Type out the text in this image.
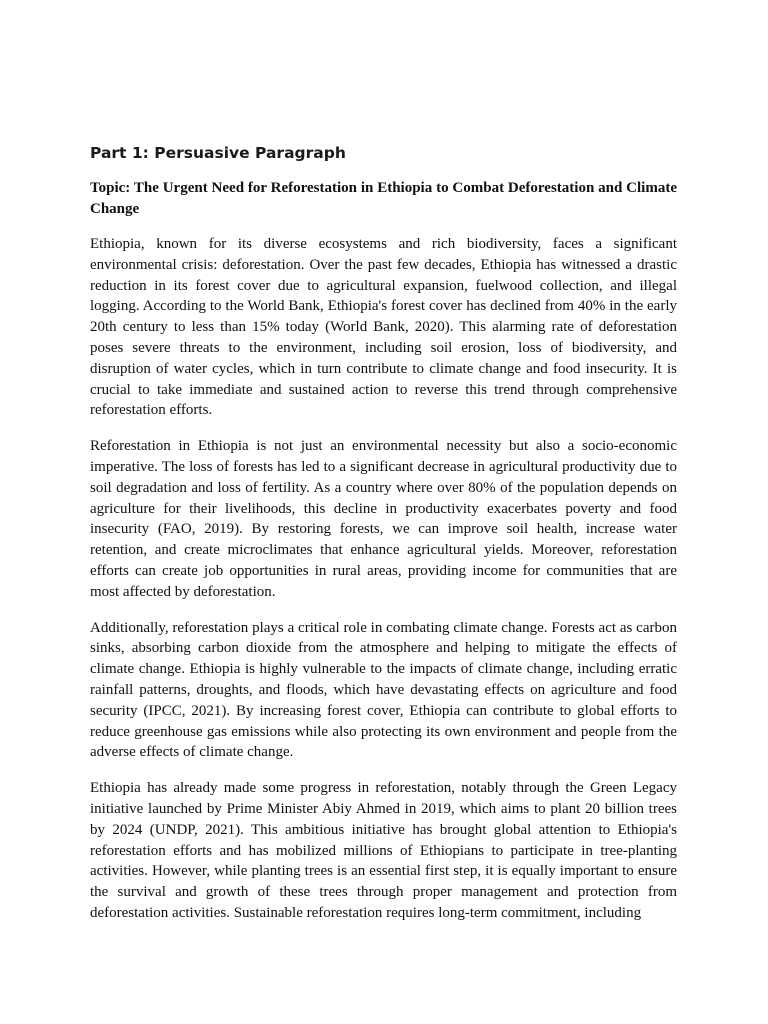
Part 1: Persuasive Paragraph

Topic: The Urgent Need for Reforestation in Ethiopia to Combat Deforestation and Climate Change

Ethiopia, known for its diverse ecosystems and rich biodiversity, faces a significant environmental crisis: deforestation. Over the past few decades, Ethiopia has witnessed a drastic reduction in its forest cover due to agricultural expansion, fuelwood collection, and illegal logging. According to the World Bank, Ethiopia's forest cover has declined from 40% in the early 20th century to less than 15% today (World Bank, 2020). This alarming rate of deforestation poses severe threats to the environment, including soil erosion, loss of biodiversity, and disruption of water cycles, which in turn contribute to climate change and food insecurity. It is crucial to take immediate and sustained action to reverse this trend through comprehensive reforestation efforts.

Reforestation in Ethiopia is not just an environmental necessity but also a socio-economic imperative. The loss of forests has led to a significant decrease in agricultural productivity due to soil degradation and loss of fertility. As a country where over 80% of the population depends on agriculture for their livelihoods, this decline in productivity exacerbates poverty and food insecurity (FAO, 2019). By restoring forests, we can improve soil health, increase water retention, and create microclimates that enhance agricultural yields. Moreover, reforestation efforts can create job opportunities in rural areas, providing income for communities that are most affected by deforestation.

Additionally, reforestation plays a critical role in combating climate change. Forests act as carbon sinks, absorbing carbon dioxide from the atmosphere and helping to mitigate the effects of climate change. Ethiopia is highly vulnerable to the impacts of climate change, including erratic rainfall patterns, droughts, and floods, which have devastating effects on agriculture and food security (IPCC, 2021). By increasing forest cover, Ethiopia can contribute to global efforts to reduce greenhouse gas emissions while also protecting its own environment and people from the adverse effects of climate change.

Ethiopia has already made some progress in reforestation, notably through the Green Legacy initiative launched by Prime Minister Abiy Ahmed in 2019, which aims to plant 20 billion trees by 2024 (UNDP, 2021). This ambitious initiative has brought global attention to Ethiopia's reforestation efforts and has mobilized millions of Ethiopians to participate in tree-planting activities. However, while planting trees is an essential first step, it is equally important to ensure the survival and growth of these trees through proper management and protection from deforestation activities. Sustainable reforestation requires long-term commitment, including
